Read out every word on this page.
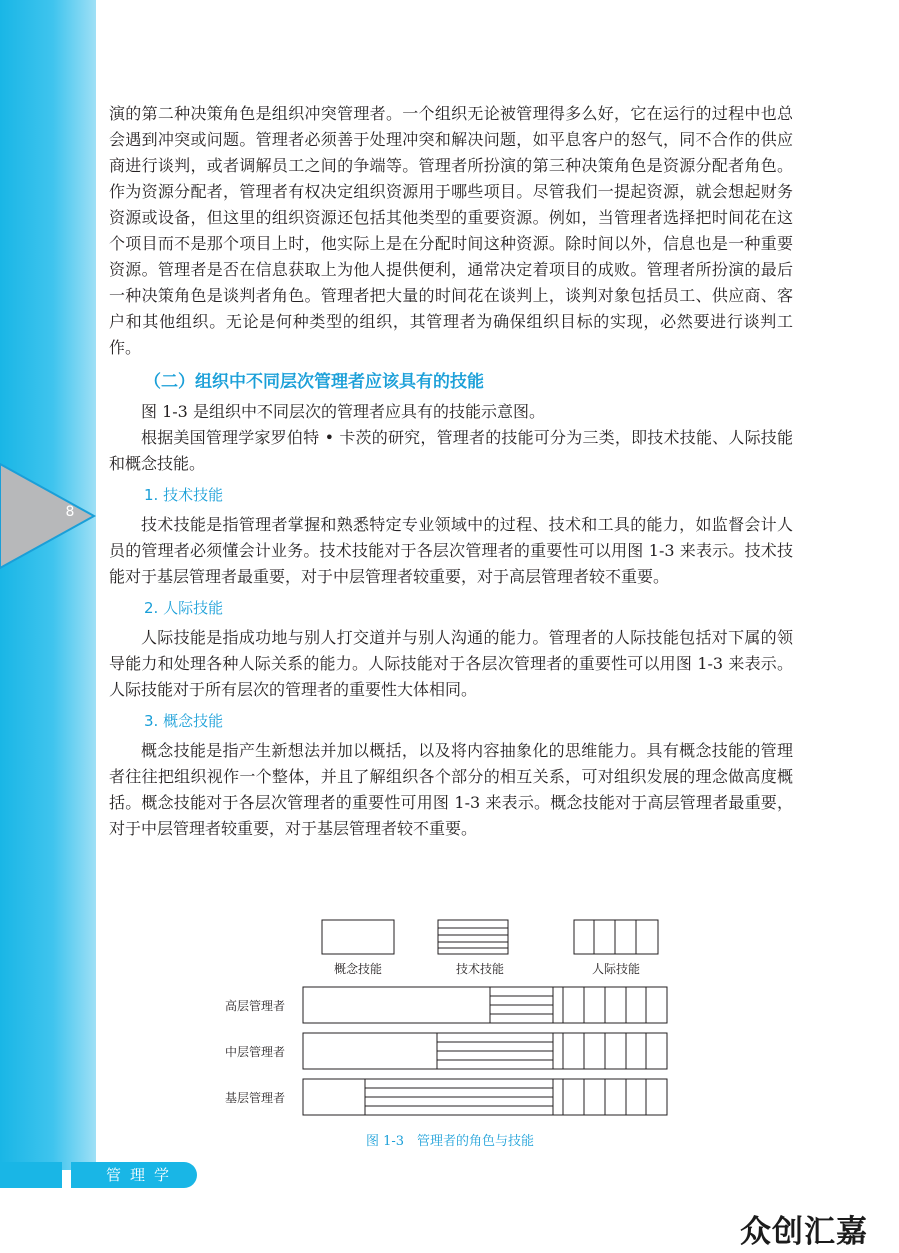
8

演的第二种决策角色是组织冲突管理者。一个组织无论被管理得多么好，它在运行的过程中也总会遇到冲突或问题。管理者必须善于处理冲突和解决问题，如平息客户的怒气，同不合作的供应商进行谈判，或者调解员工之间的争端等。管理者所扮演的第三种决策角色是资源分配者角色。作为资源分配者，管理者有权决定组织资源用于哪些项目。尽管我们一提起资源，就会想起财务资源或设备，但这里的组织资源还包括其他类型的重要资源。例如，当管理者选择把时间花在这个项目而不是那个项目上时，他实际上是在分配时间这种资源。除时间以外，信息也是一种重要资源。管理者是否在信息获取上为他人提供便利，通常决定着项目的成败。管理者所扮演的最后一种决策角色是谈判者角色。管理者把大量的时间花在谈判上，谈判对象包括员工、供应商、客户和其他组织。无论是何种类型的组织，其管理者为确保组织目标的实现，必然要进行谈判工作。

（二）组织中不同层次管理者应该具有的技能

图 1-3 是组织中不同层次的管理者应具有的技能示意图。

根据美国管理学家罗伯特 • 卡茨的研究，管理者的技能可分为三类，即技术技能、人际技能和概念技能。

1. 技术技能

技术技能是指管理者掌握和熟悉特定专业领域中的过程、技术和工具的能力，如监督会计人员的管理者必须懂会计业务。技术技能对于各层次管理者的重要性可以用图 1-3 来表示。技术技能对于基层管理者最重要，对于中层管理者较重要，对于高层管理者较不重要。

2. 人际技能

人际技能是指成功地与别人打交道并与别人沟通的能力。管理者的人际技能包括对下属的领导能力和处理各种人际关系的能力。人际技能对于各层次管理者的重要性可以用图 1-3 来表示。人际技能对于所有层次的管理者的重要性大体相同。

3. 概念技能

概念技能是指产生新想法并加以概括，以及将内容抽象化的思维能力。具有概念技能的管理者往往把组织视作一个整体，并且了解组织各个部分的相互关系，可对组织发展的理念做高度概括。概念技能对于各层次管理者的重要性可用图 1-3 来表示。概念技能对于高层管理者最重要，对于中层管理者较重要，对于基层管理者较不重要。

概念技能	技术技能	人际技能
高层管理者
中层管理者
基层管理者
图 1-3　管理者的角色与技能
管理学
众创汇嘉
